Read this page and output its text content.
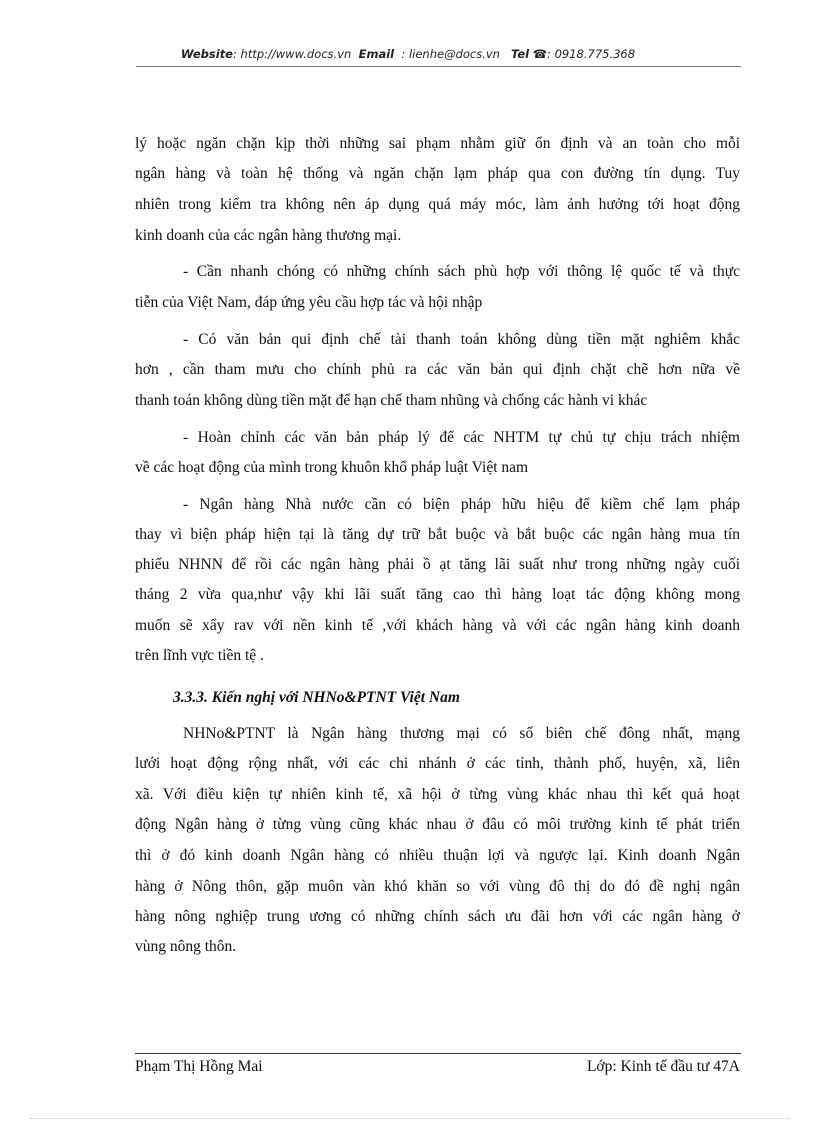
Website: http://www.docs.vn Email  : lienhe@docs.vn Tel ☎: 0918.775.368
lý hoặc ngăn chặn kịp thời những sai phạm nhằm giữ ổn định và an toàn cho mỗi
ngân hàng và toàn hệ thống và ngăn chặn lạm pháp qua con đường tín dụng. Tuy
nhiên trong kiểm tra không nên áp dụng quá máy móc, làm ảnh hưởng tới hoạt động
kinh doanh của các ngân hàng thương mại.
- Cần nhanh chóng có những chính sách phù hợp với thông lệ quốc tế và thực
tiễn của Việt Nam, đáp ứng yêu cầu hợp tác và hội nhập
- Có văn bản qui định chế tài thanh toán không dùng tiền mặt nghiêm khắc
hơn , cần tham mưu cho chính phủ ra các văn bản qui định chặt chẽ hơn nữa về
thanh toán không dùng tiền mặt để hạn chế tham nhũng và chống các hành vi khác
- Hoàn chỉnh các văn bản pháp lý để các NHTM tự chủ tự chịu trách nhiệm
về các hoạt động của mình trong khuôn khổ pháp luật Việt nam
- Ngân hàng Nhà nước cần có biện pháp hữu hiệu để kiềm chế lạm pháp
thay vì biện pháp hiện tại là tăng dự trữ bắt buộc và bắt buộc các ngân hàng mua tín
phiếu NHNN để rồi các ngân hàng phải ồ ạt tăng lãi suất như trong những ngày cuối
tháng 2 vừa qua,như vậy khi lãi suất tăng cao thì hàng loạt tác động không mong
muốn sẽ xẩy rav với nền kinh tế ,với khách hàng và với các ngân hàng kinh doanh
trên lĩnh vực tiền tệ .
3.3.3. Kiến nghị với NHNo&PTNT Việt Nam
NHNo&PTNT là Ngân hàng thương mại có số biên chế đông nhất, mạng
lưới hoạt động rộng nhất, với các chi nhánh ở các tỉnh, thành phố, huyện, xã, liên
xã. Với điều kiện tự nhiên kinh tế, xã hội ở từng vùng khác nhau thì kết quả hoạt
động Ngân hàng ở từng vùng cũng khác nhau ở đâu có môi trường kinh tế phát triển
thì ở đó kinh doanh Ngân hàng có nhiều thuận lợi và ngược lại. Kinh doanh Ngân
hàng ở Nông thôn, gặp muôn vàn khó khăn so với vùng đô thị do đó đề nghị ngân
hàng nông nghiệp trung ương có những chính sách ưu đãi hơn với các ngân hàng ở
vùng nông thôn.
Phạm Thị Hồng Mai	Lớp: Kinh tế đầu tư 47A
